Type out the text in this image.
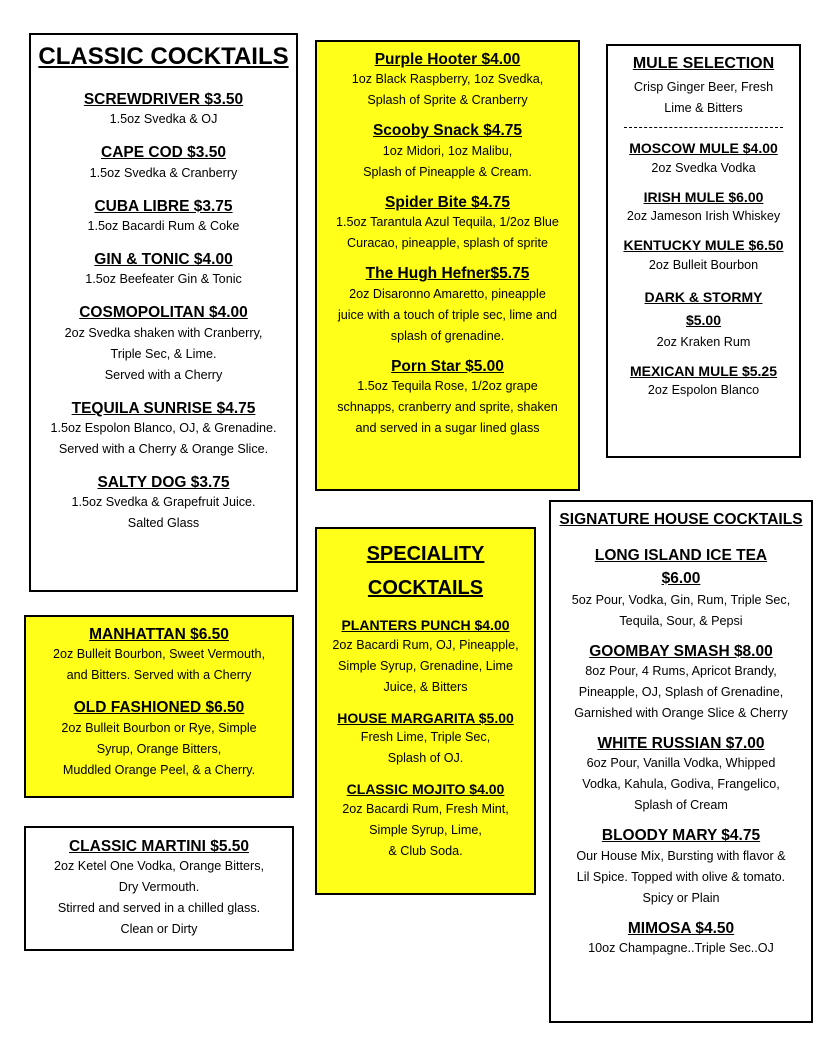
CLASSIC COCKTAILS
SCREWDRIVER $3.50
1.5oz Svedka & OJ
CAPE COD $3.50
1.5oz Svedka & Cranberry
CUBA LIBRE $3.75
1.5oz Bacardi Rum & Coke
GIN & TONIC $4.00
1.5oz Beefeater Gin & Tonic
COSMOPOLITAN $4.00
2oz Svedka shaken with Cranberry,
Triple Sec, & Lime.
Served with a Cherry
TEQUILA SUNRISE $4.75
1.5oz Espolon Blanco, OJ, & Grenadine.
Served with a Cherry & Orange Slice.
SALTY DOG $3.75
1.5oz Svedka & Grapefruit Juice.
Salted Glass
MANHATTAN $6.50
2oz Bulleit Bourbon, Sweet Vermouth,
and Bitters. Served with a Cherry
OLD FASHIONED $6.50
2oz Bulleit Bourbon or Rye, Simple
Syrup, Orange Bitters,
Muddled Orange Peel, & a Cherry.
CLASSIC MARTINI $5.50
2oz Ketel One Vodka, Orange Bitters,
Dry Vermouth.
Stirred and served in a chilled glass.
Clean or Dirty
Purple Hooter $4.00
1oz Black Raspberry, 1oz Svedka,
Splash of Sprite & Cranberry
Scooby Snack $4.75
1oz Midori, 1oz Malibu,
Splash of Pineapple & Cream.
Spider Bite $4.75
1.5oz Tarantula Azul Tequila, 1/2oz Blue
Curacao, pineapple, splash of sprite
The Hugh Hefner$5.75
2oz Disaronno Amaretto, pineapple
juice with a touch of triple sec, lime and
splash of grenadine.
Porn Star $5.00
1.5oz Tequila Rose, 1/2oz grape
schnapps, cranberry and sprite, shaken
and served in a sugar lined glass
SPECIALITY
COCKTAILS
PLANTERS PUNCH $4.00
2oz Bacardi Rum, OJ, Pineapple,
Simple Syrup, Grenadine, Lime
Juice, & Bitters
HOUSE MARGARITA $5.00
Fresh Lime, Triple Sec,
Splash of OJ.
CLASSIC MOJITO $4.00
2oz Bacardi Rum, Fresh Mint,
Simple Syrup, Lime,
& Club Soda.
MULE SELECTION
Crisp Ginger Beer, Fresh
Lime & Bitters
MOSCOW MULE $4.00
2oz Svedka Vodka
IRISH MULE $6.00
2oz Jameson Irish Whiskey
KENTUCKY MULE $6.50
2oz Bulleit Bourbon
DARK & STORMY
$5.00
2oz Kraken Rum
MEXICAN MULE $5.25
2oz Espolon Blanco
SIGNATURE HOUSE COCKTAILS
LONG ISLAND ICE TEA
$6.00
5oz Pour, Vodka, Gin, Rum, Triple Sec,
Tequila, Sour, & Pepsi
GOOMBAY SMASH $8.00
8oz Pour, 4 Rums, Apricot Brandy,
Pineapple, OJ, Splash of Grenadine,
Garnished with Orange Slice & Cherry
WHITE RUSSIAN $7.00
6oz Pour, Vanilla Vodka, Whipped
Vodka, Kahula, Godiva, Frangelico,
Splash of Cream
BLOODY MARY $4.75
Our House Mix, Bursting with flavor &
Lil Spice. Topped with olive & tomato.
Spicy or Plain
MIMOSA $4.50
10oz Champagne..Triple Sec..OJ
